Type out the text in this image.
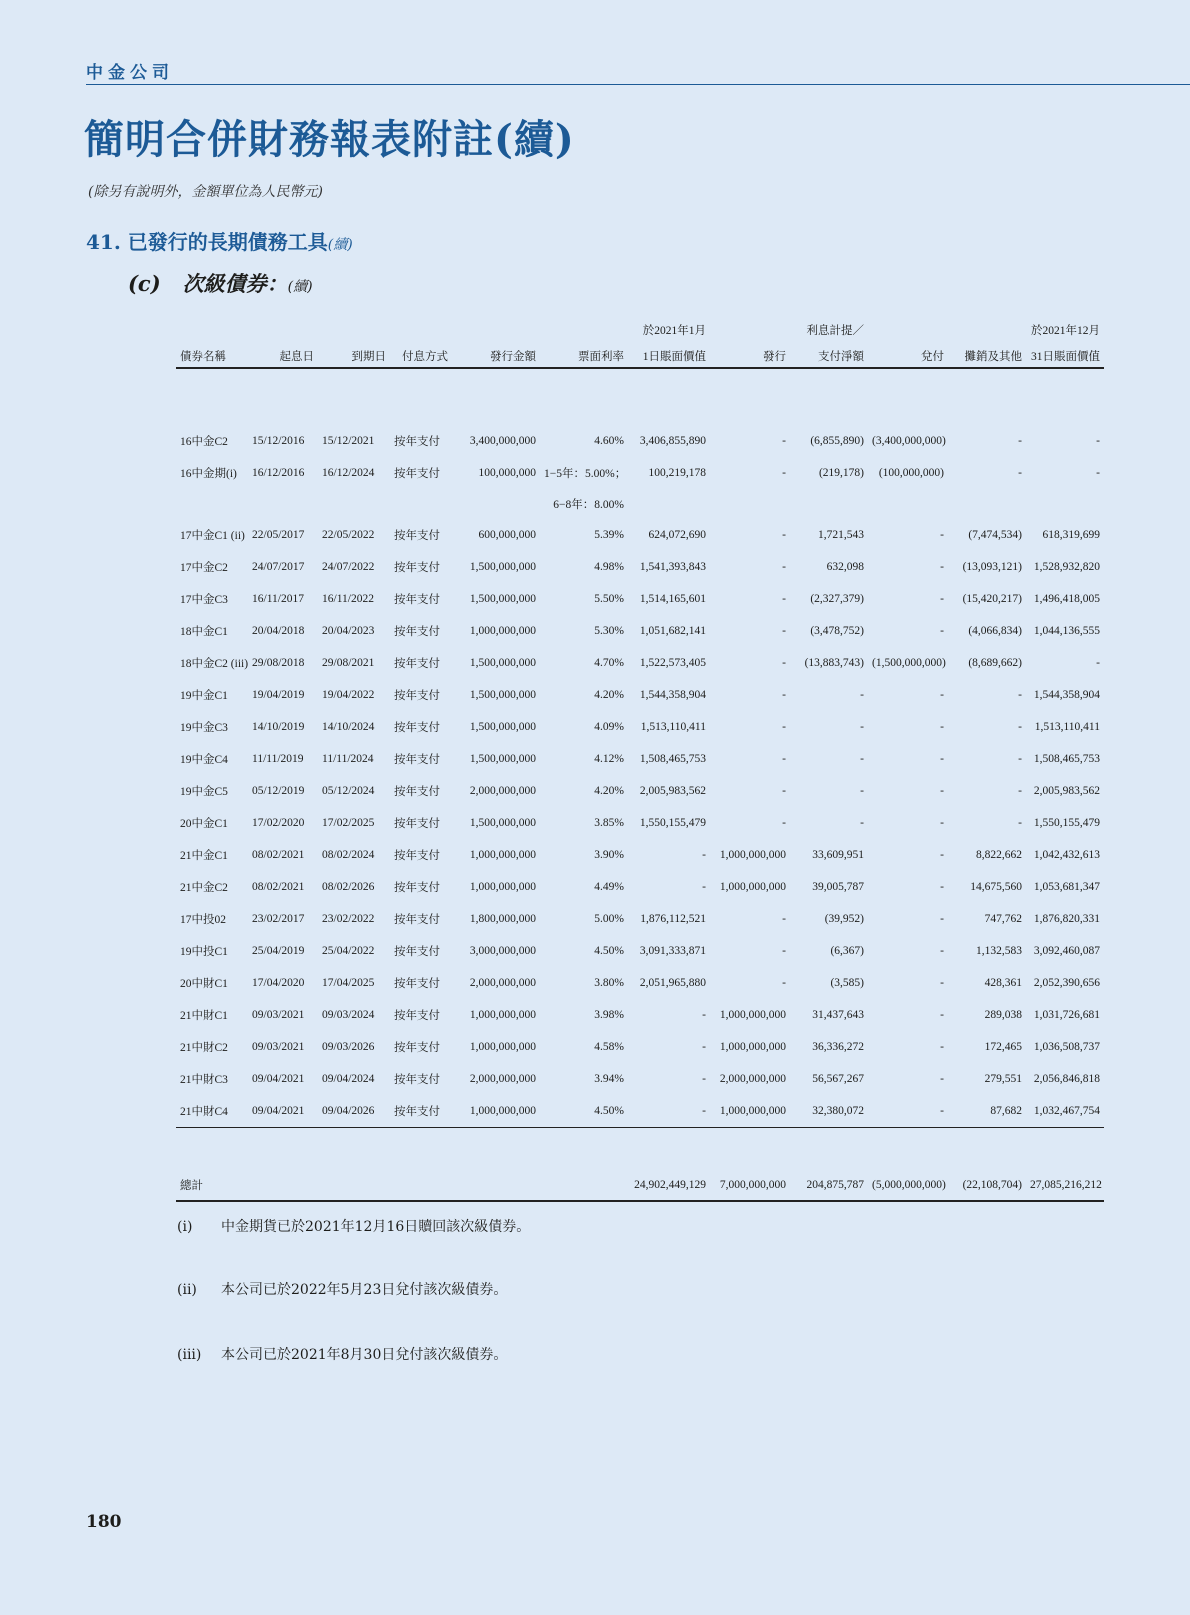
中金公司
簡明合併財務報表附註(續)
(除另有說明外，金額單位為人民幣元)
41. 已發行的長期債務工具(續)
(c) 次級債券：(續)
						於2021年1月		利息計提／			於2021年12月
債券名稱	起息日	到期日	付息方式	發行金額	票面利率	1日賬面價值	發行	支付淨額	兌付	攤銷及其他	31日賬面價值

16中金C2	15/12/2016	15/12/2021	按年支付	3,400,000,000	4.60%	3,406,855,890	-	(6,855,890)	(3,400,000,000)	-	-
16中金期(i)	16/12/2016	16/12/2024	按年支付	100,000,000	1−5年：5.00%；	100,219,178	-	(219,178)	(100,000,000)	-	-
					6−8年：8.00%						
17中金C1 (ii)	22/05/2017	22/05/2022	按年支付	600,000,000	5.39%	624,072,690	-	1,721,543	-	(7,474,534)	618,319,699
17中金C2	24/07/2017	24/07/2022	按年支付	1,500,000,000	4.98%	1,541,393,843	-	632,098	-	(13,093,121)	1,528,932,820
17中金C3	16/11/2017	16/11/2022	按年支付	1,500,000,000	5.50%	1,514,165,601	-	(2,327,379)	-	(15,420,217)	1,496,418,005
18中金C1	20/04/2018	20/04/2023	按年支付	1,000,000,000	5.30%	1,051,682,141	-	(3,478,752)	-	(4,066,834)	1,044,136,555
18中金C2 (iii)	29/08/2018	29/08/2021	按年支付	1,500,000,000	4.70%	1,522,573,405	-	(13,883,743)	(1,500,000,000)	(8,689,662)	-
19中金C1	19/04/2019	19/04/2022	按年支付	1,500,000,000	4.20%	1,544,358,904	-	-	-	-	1,544,358,904
19中金C3	14/10/2019	14/10/2024	按年支付	1,500,000,000	4.09%	1,513,110,411	-	-	-	-	1,513,110,411
19中金C4	11/11/2019	11/11/2024	按年支付	1,500,000,000	4.12%	1,508,465,753	-	-	-	-	1,508,465,753
19中金C5	05/12/2019	05/12/2024	按年支付	2,000,000,000	4.20%	2,005,983,562	-	-	-	-	2,005,983,562
20中金C1	17/02/2020	17/02/2025	按年支付	1,500,000,000	3.85%	1,550,155,479	-	-	-	-	1,550,155,479
21中金C1	08/02/2021	08/02/2024	按年支付	1,000,000,000	3.90%	-	1,000,000,000	33,609,951	-	8,822,662	1,042,432,613
21中金C2	08/02/2021	08/02/2026	按年支付	1,000,000,000	4.49%	-	1,000,000,000	39,005,787	-	14,675,560	1,053,681,347
17中投02	23/02/2017	23/02/2022	按年支付	1,800,000,000	5.00%	1,876,112,521	-	(39,952)	-	747,762	1,876,820,331
19中投C1	25/04/2019	25/04/2022	按年支付	3,000,000,000	4.50%	3,091,333,871	-	(6,367)	-	1,132,583	3,092,460,087
20中財C1	17/04/2020	17/04/2025	按年支付	2,000,000,000	3.80%	2,051,965,880	-	(3,585)	-	428,361	2,052,390,656
21中財C1	09/03/2021	09/03/2024	按年支付	1,000,000,000	3.98%	-	1,000,000,000	31,437,643	-	289,038	1,031,726,681
21中財C2	09/03/2021	09/03/2026	按年支付	1,000,000,000	4.58%	-	1,000,000,000	36,336,272	-	172,465	1,036,508,737
21中財C3	09/04/2021	09/04/2024	按年支付	2,000,000,000	3.94%	-	2,000,000,000	56,567,267	-	279,551	2,056,846,818
21中財C4	09/04/2021	09/04/2026	按年支付	1,000,000,000	4.50%	-	1,000,000,000	32,380,072	-	87,682	1,032,467,754

總計						24,902,449,129	7,000,000,000	204,875,787	(5,000,000,000)	(22,108,704)	27,085,216,212
(i) 中金期貨已於2021年12月16日贖回該次級債券。
(ii) 本公司已於2022年5月23日兌付該次級債券。
(iii) 本公司已於2021年8月30日兌付該次級債券。
180
